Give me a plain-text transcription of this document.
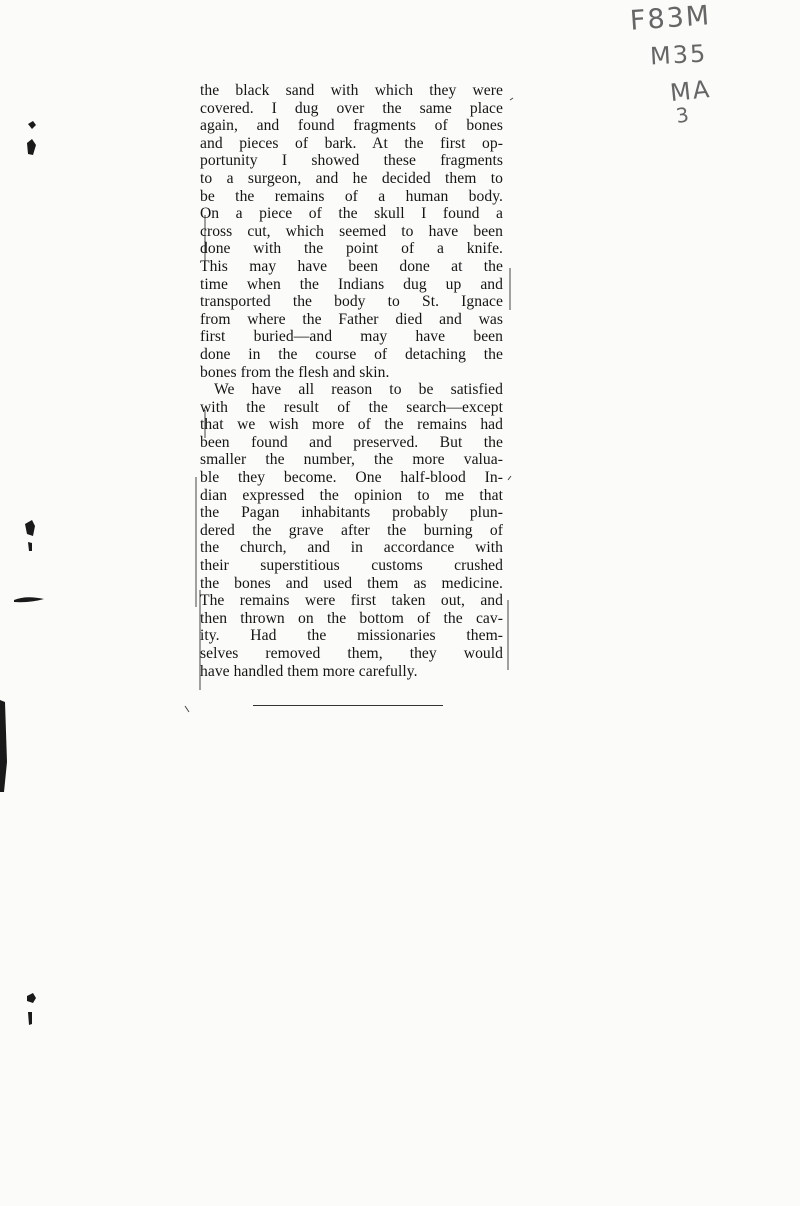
F83M
M35
MA
3
the black sand with which they were
covered. I dug over the same place
again, and found fragments of bones
and pieces of bark. At the first op-
portunity I showed these fragments
to a surgeon, and he decided them to
be the remains of a human body.
On a piece of the skull I found a
cross cut, which seemed to have been
done with the point of a knife.
This may have been done at the
time when the Indians dug up and
transported the body to St. Ignace
from where the Father died and was
first buried—and may have been
done in the course of detaching the
bones from the flesh and skin.
We have all reason to be satisfied
with the result of the search—except
that we wish more of the remains had
been found and preserved. But the
smaller the number, the more valua-
ble they become. One half-blood In-
dian expressed the opinion to me that
the Pagan inhabitants probably plun-
dered the grave after the burning of
the church, and in accordance with
their superstitious customs crushed
the bones and used them as medicine.
The remains were first taken out, and
then thrown on the bottom of the cav-
ity. Had the missionaries them-
selves removed them, they would
have handled them more carefully.
